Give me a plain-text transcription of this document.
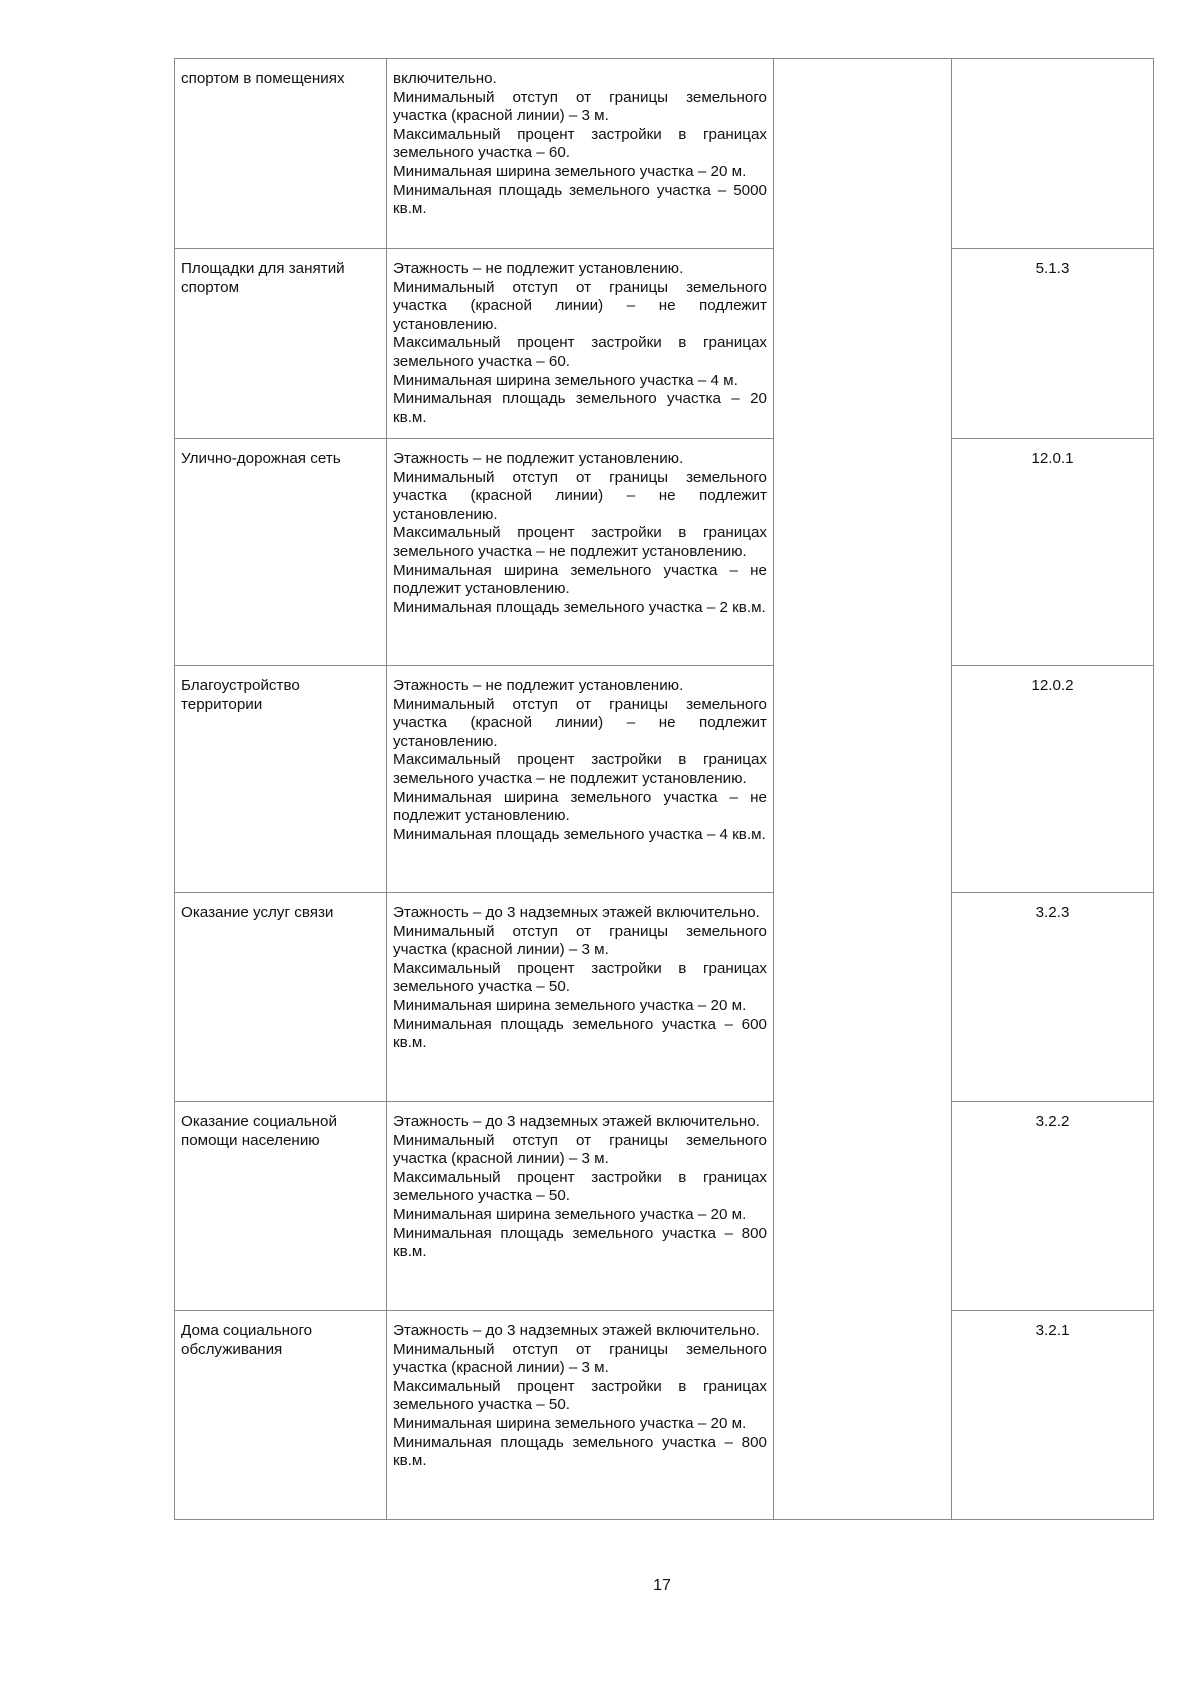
спортом в помещениях	включительно.
Минимальный отступ от границы земельного участка (красной линии) – 3 м.
Максимальный процент застройки в границах земельного участка – 60.
Минимальная ширина земельного участка – 20 м.
Минимальная площадь земельного участка – 5000 кв.м.		

Площадки для занятий спортом	Этажность – не подлежит установлению.
Минимальный отступ от границы земельного участка (красной линии) – не подлежит установлению.
Максимальный процент застройки в границах земельного участка – 60.
Минимальная ширина земельного участка – 4 м.
Минимальная площадь земельного участка – 20 кв.м.		5.1.3
Улично-дорожная сеть	Этажность – не подлежит установлению.
Минимальный отступ от границы земельного участка (красной линии) – не подлежит установлению.
Максимальный процент застройки в границах земельного участка – не подлежит установлению.
Минимальная ширина земельного участка – не подлежит установлению.
Минимальная площадь земельного участка – 2 кв.м.		12.0.1
Благоустройство территории	Этажность – не подлежит установлению.
Минимальный отступ от границы земельного участка (красной линии) – не подлежит установлению.
Максимальный процент застройки в границах земельного участка – не подлежит установлению.
Минимальная ширина земельного участка – не подлежит установлению.
Минимальная площадь земельного участка – 4 кв.м.		12.0.2
Оказание услуг связи	Этажность – до 3 надземных этажей включительно.
Минимальный отступ от границы земельного участка (красной линии) – 3 м.
Максимальный процент застройки в границах земельного участка – 50.
Минимальная ширина земельного участка – 20 м.
Минимальная площадь земельного участка – 600 кв.м.		3.2.3
Оказание социальной помощи населению	Этажность – до 3 надземных этажей включительно.
Минимальный отступ от границы земельного участка (красной линии) – 3 м.
Максимальный процент застройки в границах земельного участка – 50.
Минимальная ширина земельного участка – 20 м.
Минимальная площадь земельного участка – 800 кв.м.		3.2.2
Дома социального обслуживания	Этажность – до 3 надземных этажей включительно.
Минимальный отступ от границы земельного участка (красной линии) – 3 м.
Максимальный процент застройки в границах земельного участка – 50.
Минимальная ширина земельного участка – 20 м.
Минимальная площадь земельного участка – 800 кв.м.		3.2.1
17
